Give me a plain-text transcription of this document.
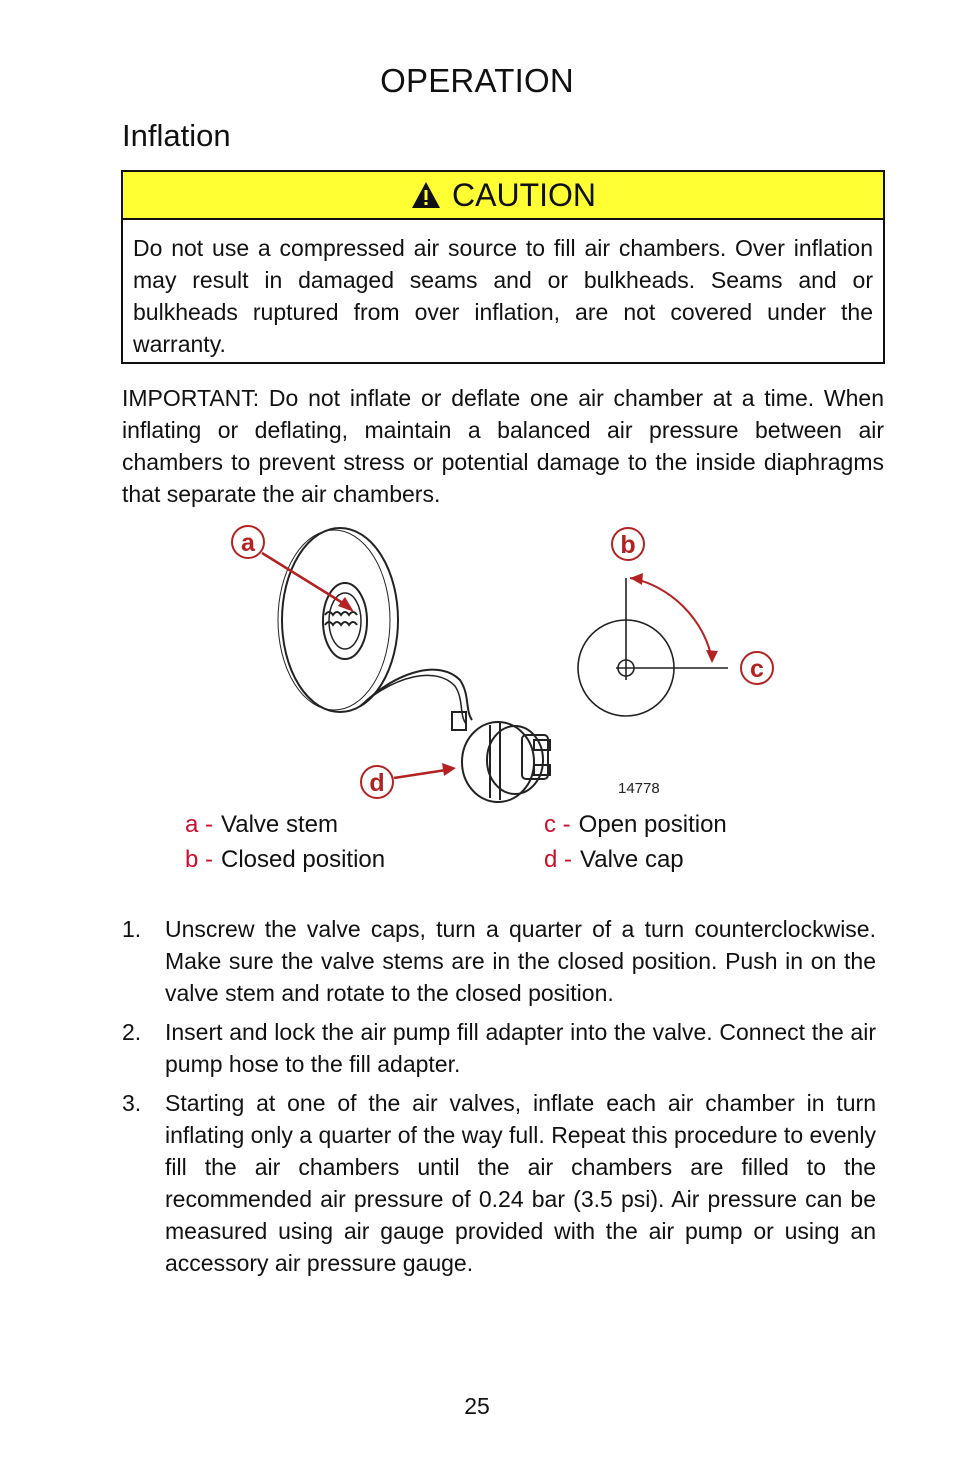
OPERATION
Inflation
CAUTION
Do not use a compressed air source to fill air chambers. Over inflation may result in damaged seams and or bulkheads. Seams and or bulkheads ruptured from over inflation, are not covered under the warranty.
IMPORTANT: Do not inflate or deflate one air chamber at a time. When inflating or deflating, maintain a balanced air pressure between air chambers to prevent stress or potential damage to the inside diaphragms that separate the air chambers.
a	b
c
d	14778
a - Valve stem
b - Closed position
c - Open position
d - Valve cap
1.	Unscrew the valve caps, turn a quarter of a turn counterclockwise. Make sure the valve stems are in the closed position. Push in on the valve stem and rotate to the closed position.
2.	Insert and lock the air pump fill adapter into the valve. Connect the air pump hose to the fill adapter.
3.	Starting at one of the air valves, inflate each air chamber in turn inflating only a quarter of the way full. Repeat this procedure to evenly fill the air chambers until the air chambers are filled to the recommended air pressure of 0.24 bar (3.5 psi). Air pressure can be measured using air gauge provided with the air pump or using an accessory air pressure gauge.
25
